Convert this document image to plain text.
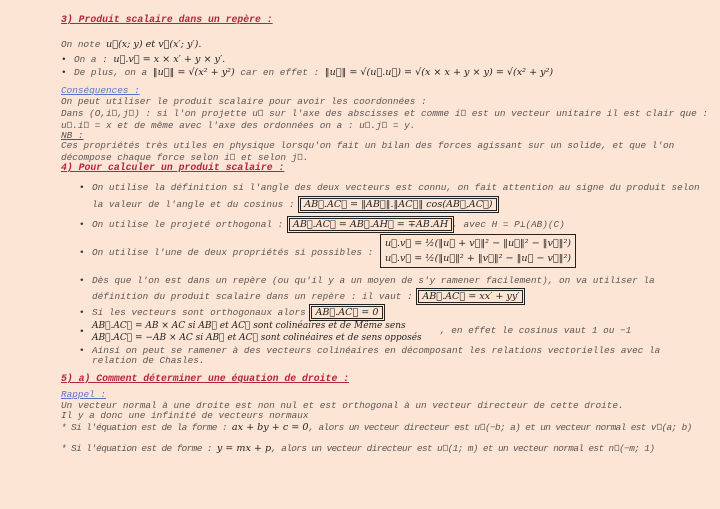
3) Produit scalaire dans un repère :
On note u⃗(x; y) et v⃗(x′; y′).
• On a : u⃗.v⃗ = x × x′ + y × y′.
• De plus, on a ‖u⃗‖ = √(x² + y²) car en effet : ‖u⃗‖ = √(u⃗.u⃗) = √(x × x + y × y) = √(x² + y²)
Conséquences :
On peut utiliser le produit scalaire pour avoir les coordonnées :
Dans (O,i⃗,j⃗) : si l'on projette u⃗ sur l'axe des abscisses et comme i⃗ est un vecteur unitaire il est clair que :
u⃗.i⃗ = x et de même avec l'axe des ordonnées on a : u⃗.j⃗ = y.
NB :
Ces propriétés très utiles en physique lorsqu'on fait un bilan des forces agissant sur un solide, et que l'on
décompose chaque force selon i⃗ et selon j⃗.
4) Pour calculer un produit scalaire :
• On utilise la définition si l'angle des deux vecteurs est connu, on fait attention au signe du produit selon
la valeur de l'angle et du cosinus : AB⃗.AC⃗ = ‖AB⃗‖.‖AC⃗‖ cos(AB⃗,AC⃗)
• On utilise le projeté orthogonal : AB⃗.AC⃗ = AB⃗.AH⃗ = ∓AB.AH , avec H = P⊥(AB)(C)
• On utilise l'une de deux propriétés si possibles :
u⃗.v⃗ = ½(‖u⃗ + v⃗‖² − ‖u⃗‖² − ‖v⃗‖²)
u⃗.v⃗ = ½(‖u⃗‖² + ‖v⃗‖² − ‖u⃗ − v⃗‖²)
• Dès que l'on est dans un repère (ou qu'il y a un moyen de s'y ramener facilement), on va utiliser la
définition du produit scalaire dans un repère : il vaut : AB⃗.AC⃗ = xx′ + yy′
• Si les vecteurs sont orthogonaux alors AB⃗.AC⃗ = 0
AB⃗.AC⃗ = AB × AC si AB⃗ et AC⃗ sont colinéaires et de Même sens
AB⃗.AC⃗ = −AB × AC si AB⃗ et AC⃗ sont colinéaires et de sens opposés
, en effet le cosinus vaut 1 ou −1
• Ainsi on peut se ramener à des vecteurs colinéaires en décomposant les relations vectorielles avec la
relation de Chasles.
5) a) Comment déterminer une équation de droite :
Rappel :
Un vecteur normal à une droite est non nul et est orthogonal à un vecteur directeur de cette droite.
Il y a donc une infinité de vecteurs normaux
* Si l'équation est de la forme : ax + by + c = 0, alors un vecteur directeur est u⃗(−b; a) et un vecteur normal est v⃗(a; b)
* Si l'équation est de forme : y = mx + p, alors un vecteur directeur est u⃗(1; m) et un vecteur normal est n⃗(−m; 1)
